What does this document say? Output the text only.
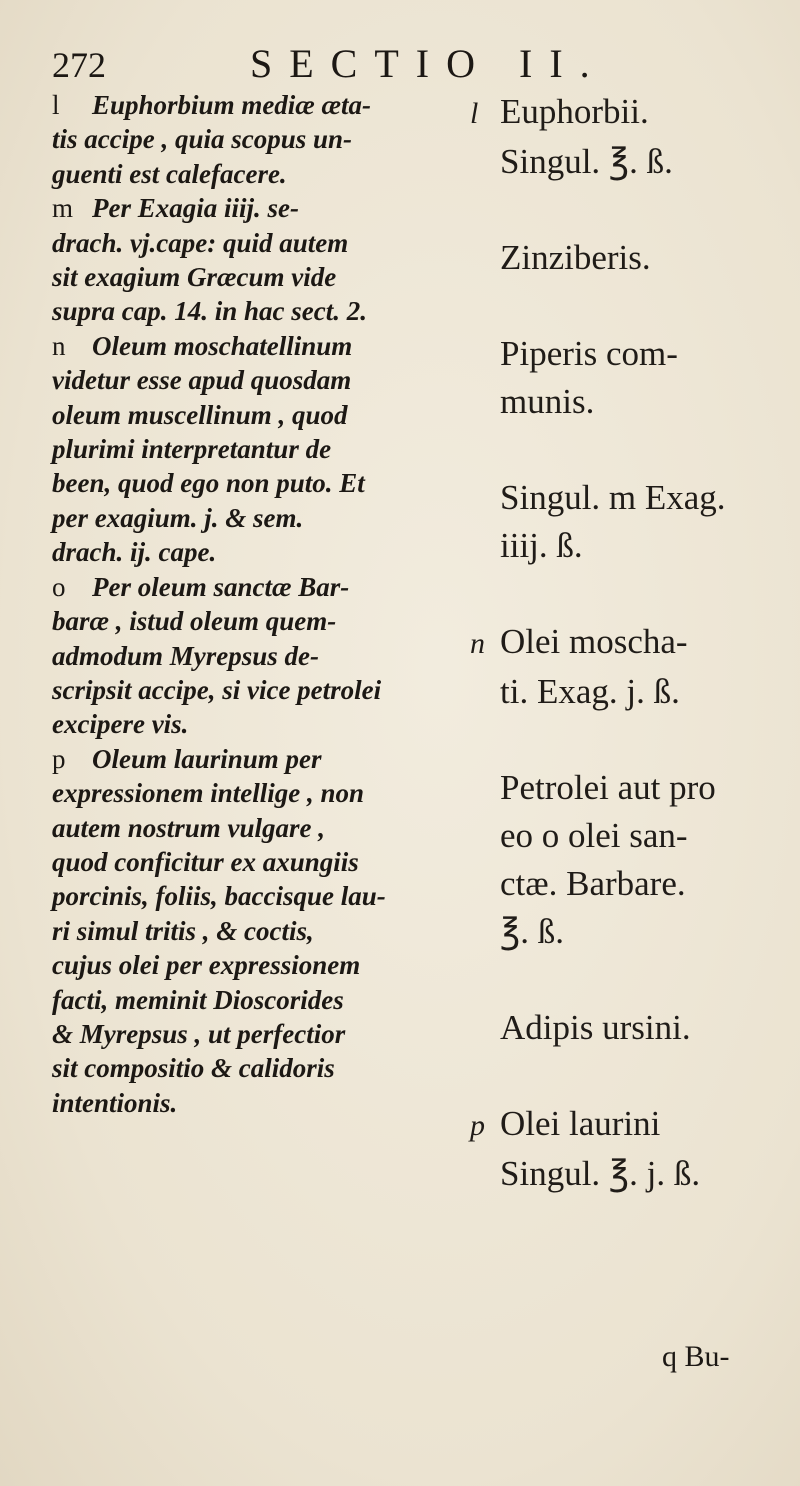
272	SECTIO II.
l Euphorbium mediæ æta-
tis accipe , quia scopus un-
guenti est calefacere.
m Per Exagia iiij. se-
drach. vj.cape: quid autem
sit exagium Græcum vide
supra cap. 14. in hac sect. 2.
n Oleum moschatellinum
videtur esse apud quosdam
oleum muscellinum , quod
plurimi interpretantur de
been, quod ego non puto. Et
per exagium. j. & sem.
drach. ij. cape.
o Per oleum sanctæ Bar-
baræ , istud oleum quem-
admodum Myrepsus de-
scripsit accipe, si vice petrolei
excipere vis.
p Oleum laurinum per
expressionem intellige , non
autem nostrum vulgare ,
quod conficitur ex axungiis
porcinis, foliis, baccisque lau-
ri simul tritis , & coctis,
cujus olei per expressionem
facti, meminit Dioscorides
& Myrepsus , ut perfectior
sit compositio & calidoris
intentionis.
l Euphorbii.
Singul. ℥. ß.

Zinziberis.

Piperis com-
munis.

Singul. m Exag.
iiij. ß.

n Olei moscha-
ti. Exag. j. ß.

Petrolei aut pro
eo o olei san-
ctæ. Barbare.
℥. ß.

Adipis ursini.

p Olei laurini
Singul. ℥. j. ß.
q Bu-
